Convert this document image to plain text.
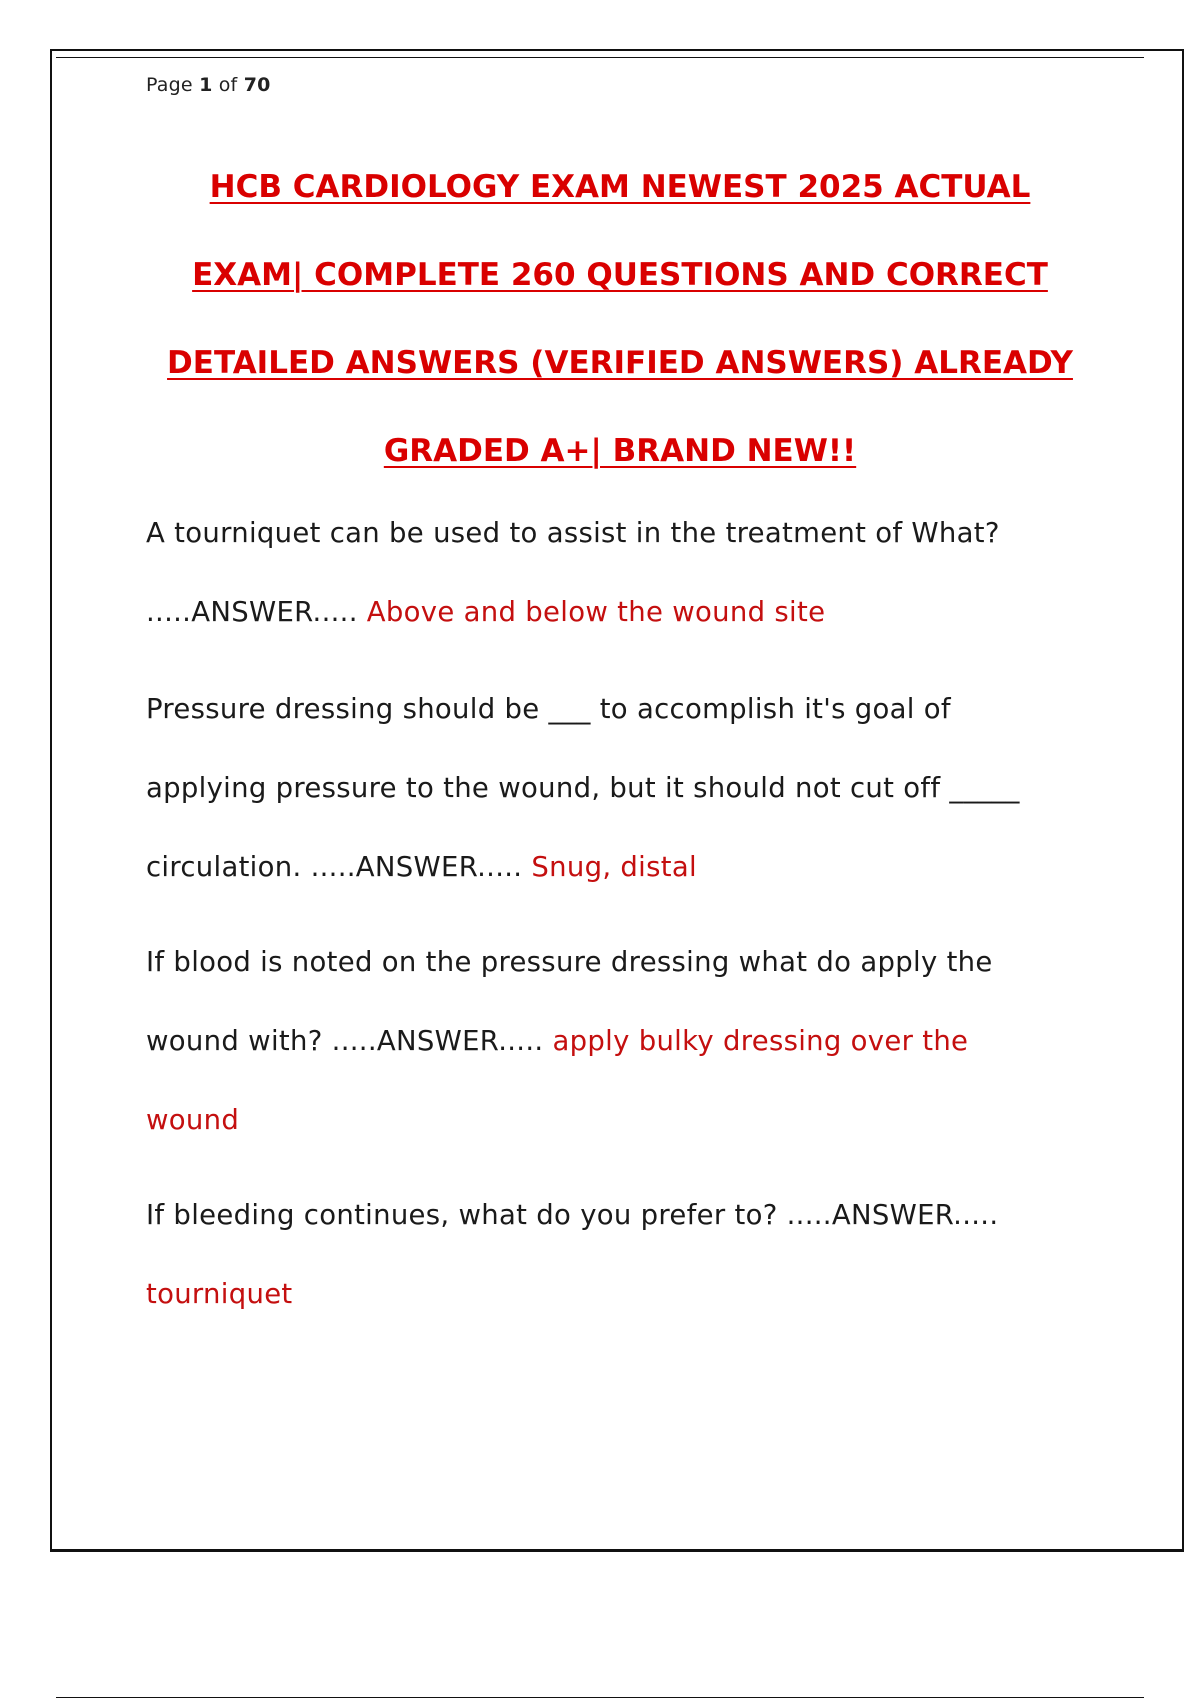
Page 1 of 70
HCB CARDIOLOGY EXAM NEWEST 2025 ACTUAL
EXAM| COMPLETE 260 QUESTIONS AND CORRECT
DETAILED ANSWERS (VERIFIED ANSWERS) ALREADY
GRADED A+| BRAND NEW!!
A tourniquet can be used to assist in the treatment of What?
.....ANSWER..... Above and below the wound site
Pressure dressing should be ___ to accomplish it's goal of
applying pressure to the wound, but it should not cut off _____
circulation. .....ANSWER..... Snug, distal
If blood is noted on the pressure dressing what do apply the
wound with? .....ANSWER..... apply bulky dressing over the
wound
If bleeding continues, what do you prefer to? .....ANSWER.....
tourniquet
